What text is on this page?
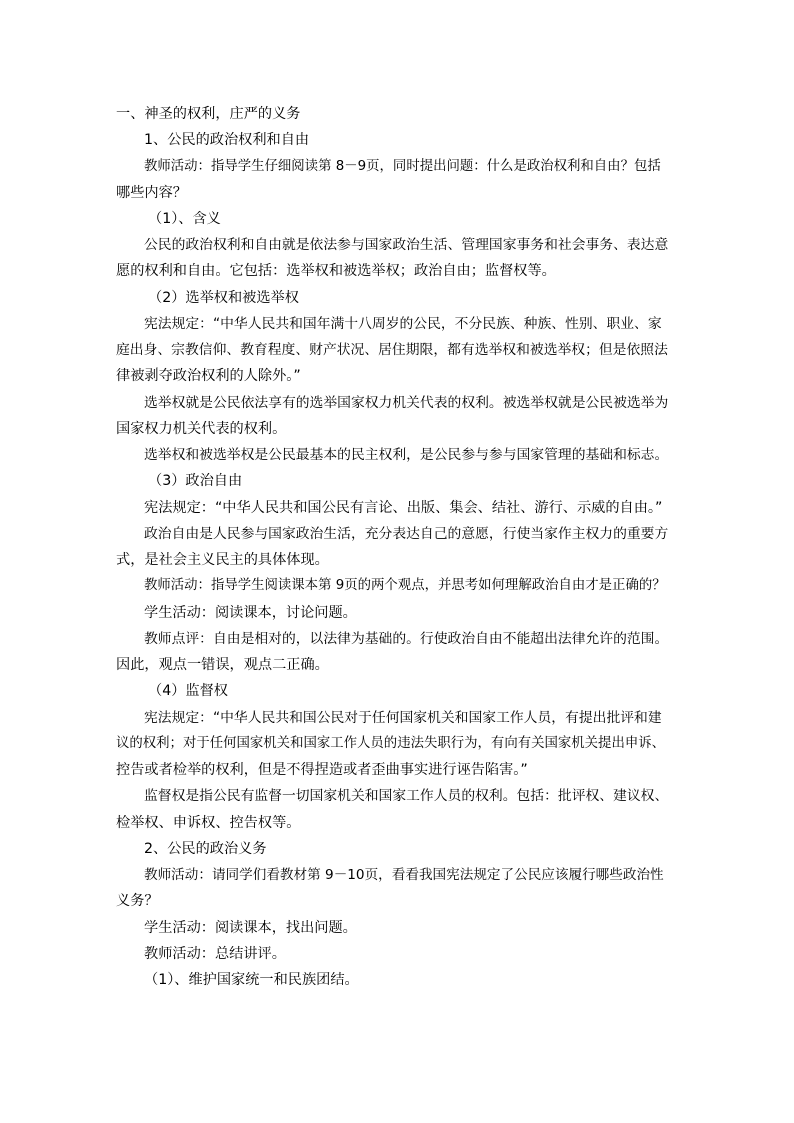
一、神圣的权利，庄严的义务
1、公民的政治权利和自由
教师活动：指导学生仔细阅读第 8－9页，同时提出问题：什么是政治权利和自由？包括
哪些内容？
（1）、含义
公民的政治权利和自由就是依法参与国家政治生活、管理国家事务和社会事务、表达意
愿的权利和自由。它包括：选举权和被选举权；政治自由；监督权等。
（2）选举权和被选举权
宪法规定：“中华人民共和国年满十八周岁的公民，不分民族、种族、性别、职业、家
庭出身、宗教信仰、教育程度、财产状况、居住期限，都有选举权和被选举权；但是依照法
律被剥夺政治权利的人除外。”
选举权就是公民依法享有的选举国家权力机关代表的权利。被选举权就是公民被选举为
国家权力机关代表的权利。
选举权和被选举权是公民最基本的民主权利，是公民参与参与国家管理的基础和标志。
（3）政治自由
宪法规定：“中华人民共和国公民有言论、出版、集会、结社、游行、示威的自由。”
政治自由是人民参与国家政治生活，充分表达自己的意愿，行使当家作主权力的重要方
式，是社会主义民主的具体体现。
教师活动：指导学生阅读课本第 9页的两个观点，并思考如何理解政治自由才是正确的？
学生活动：阅读课本，讨论问题。
教师点评：自由是相对的，以法律为基础的。行使政治自由不能超出法律允许的范围。
因此，观点一错误，观点二正确。
（4）监督权
宪法规定：“中华人民共和国公民对于任何国家机关和国家工作人员，有提出批评和建
议的权利；对于任何国家机关和国家工作人员的违法失职行为，有向有关国家机关提出申诉、
控告或者检举的权利，但是不得捏造或者歪曲事实进行诬告陷害。”
监督权是指公民有监督一切国家机关和国家工作人员的权利。包括：批评权、建议权、
检举权、申诉权、控告权等。
2、公民的政治义务
教师活动：请同学们看教材第 9－10页，看看我国宪法规定了公民应该履行哪些政治性
义务？
学生活动：阅读课本，找出问题。
教师活动：总结讲评。
（1）、维护国家统一和民族团结。
